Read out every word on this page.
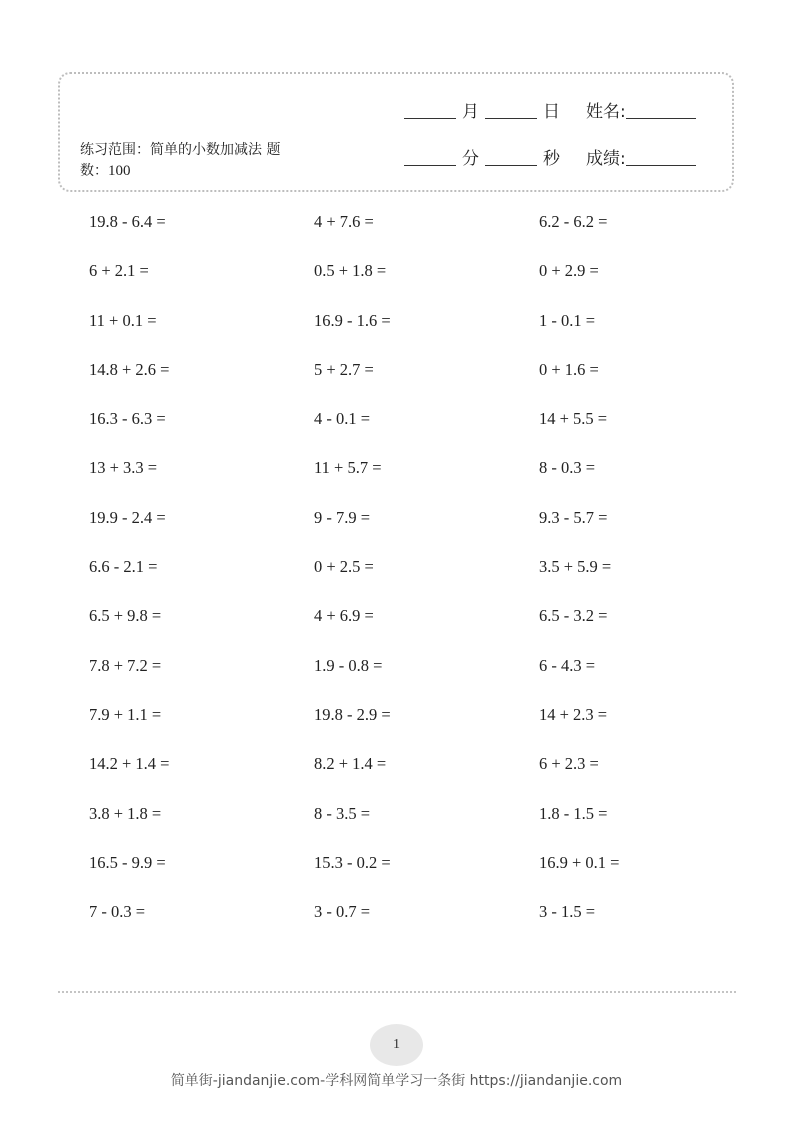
练习范围：简单的小数加减法 题数：100
月	日 姓名:
分	秒 成绩:
19.8 - 6.4 =	4 + 7.6 =	6.2 - 6.2 =
6 + 2.1 =	0.5 + 1.8 =	0 + 2.9 =
11 + 0.1 =	16.9 - 1.6 =	1 - 0.1 =
14.8 + 2.6 =	5 + 2.7 =	0 + 1.6 =
16.3 - 6.3 =	4 - 0.1 =	14 + 5.5 =
13 + 3.3 =	11 + 5.7 =	8 - 0.3 =
19.9 - 2.4 =	9 - 7.9 =	9.3 - 5.7 =
6.6 - 2.1 =	0 + 2.5 =	3.5 + 5.9 =
6.5 + 9.8 =	4 + 6.9 =	6.5 - 3.2 =
7.8 + 7.2 =	1.9 - 0.8 =	6 - 4.3 =
7.9 + 1.1 =	19.8 - 2.9 =	14 + 2.3 =
14.2 + 1.4 =	8.2 + 1.4 =	6 + 2.3 =
3.8 + 1.8 =	8 - 3.5 =	1.8 - 1.5 =
16.5 - 9.9 =	15.3 - 0.2 =	16.9 + 0.1 =
7 - 0.3 =	3 - 0.7 =	3 - 1.5 =
1
简单街-jiandanjie.com-学科网简单学习一条街 https://jiandanjie.com
